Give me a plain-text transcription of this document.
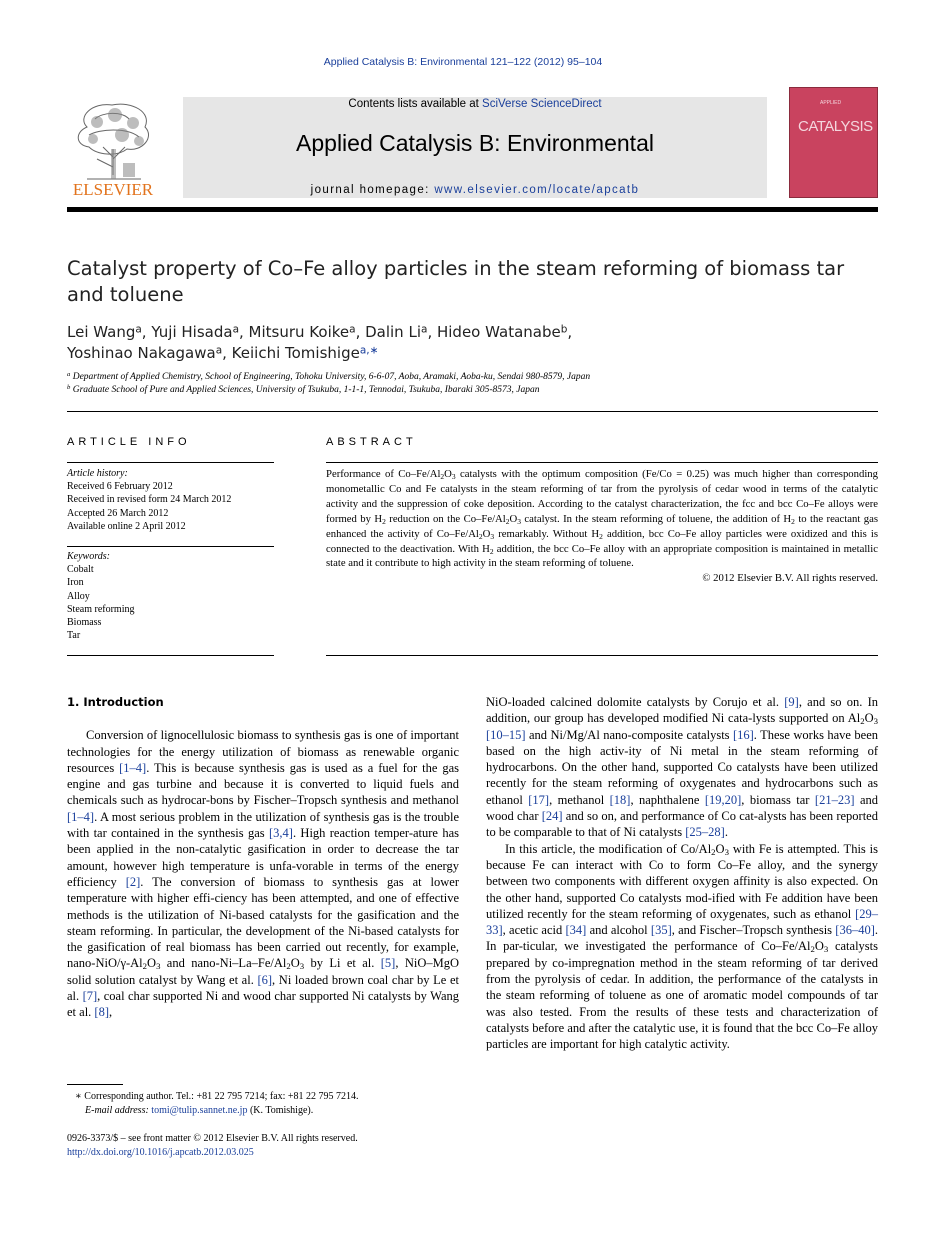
Applied Catalysis B: Environmental 121–122 (2012) 95–104
ELSEVIER
Contents lists available at SciVerse ScienceDirect
Applied Catalysis B: Environmental
journal homepage: www.elsevier.com/locate/apcatb
APPLIED
CATALYSIS
Catalyst property of Co–Fe alloy particles in the steam reforming of biomass tar and toluene
Lei Wang$^a$, Yuji Hisada$^a$, Mitsuru Koike$^a$, Dalin Li$^a$, Hideo Watanabe$^b$,
Yoshinao Nakagawa$^a$, Keiichi Tomishige$^{a,∗}$
$^a$ Department of Applied Chemistry, School of Engineering, Tohoku University, 6-6-07, Aoba, Aramaki, Aoba-ku, Sendai 980-8579, Japan
$^b$ Graduate School of Pure and Applied Sciences, University of Tsukuba, 1-1-1, Tennodai, Tsukuba, Ibaraki 305-8573, Japan
ARTICLE INFO	ABSTRACT
Article history:
Received 6 February 2012
Received in revised form 24 March 2012
Accepted 26 March 2012
Available online 2 April 2012
Keywords:
Cobalt
Iron
Alloy
Steam reforming
Biomass
Tar
Performance of $Co-Fe/Al_2O_3$ catalysts with the optimum composition (Fe/Co = 0.25) was much higher than corresponding monometallic Co and Fe catalysts in the steam reforming of tar from the pyrolysis of cedar wood in terms of the catalytic activity and the suppression of coke deposition. According to the catalyst characterization, the fcc and bcc Co–Fe alloys were formed by $H_2$ reduction on the $Co-Fe/Al_2O_3$ catalyst. In the steam reforming of toluene, the addition of $H_2$ to the reactant gas enhanced the activity of $Co-Fe/Al_2O_3$ remarkably. Without $H_2$ addition, bcc Co–Fe alloy particles were oxidized and this is connected to the deactivation. With $H_2$ addition, the bcc Co–Fe alloy with an appropriate composition is maintained in metallic state and it contribute to high activity in the steam reforming of toluene.
© 2012 Elsevier B.V. All rights reserved.
1. Introduction

Conversion of lignocellulosic biomass to synthesis gas is one of important technologies for the energy utilization of biomass as renewable organic resources [1–4]. This is because synthesis gas is used as a fuel for the gas engine and gas turbine and because it is converted to liquid fuels and chemicals such as hydrocar-bons by Fischer–Tropsch synthesis and methanol [1–4]. A most serious problem in the utilization of synthesis gas is the trouble with tar contained in the synthesis gas [3,4]. High reaction temper-ature has been applied in the non-catalytic gasification in order to decrease the tar amount, however high temperature is unfa-vorable in terms of the energy efficiency [2]. The conversion of biomass to synthesis gas at lower temperature with higher effi-ciency has been attempted, and one of effective methods is the utilization of Ni-based catalysts for the gasification and the steam reforming. In particular, the development of the Ni-based catalysts for the gasification of real biomass has been carried out recently, for example, nano-$NiO/\gamma-Al_2O_3$ and nano-$Ni-La-Fe/Al_2O_3$ by Li et al. [5], NiO–MgO solid solution catalyst by Wang et al. [6], Ni loaded brown coal char by Le et al. [7], coal char supported Ni and wood char supported Ni catalysts by Wang et al. [8],

NiO-loaded calcined dolomite catalysts by Corujo et al. [9], and so on. In addition, our group has developed modified Ni cata-lysts supported on $Al_2O_3$ [10–15] and Ni/Mg/Al nano-composite catalysts [16]. These works have been based on the high activ-ity of Ni metal in the steam reforming of hydrocarbons. On the other hand, supported Co catalysts have been utilized recently for the steam reforming of oxygenates and hydrocarbons such as ethanol [17], methanol [18], naphthalene [19,20], biomass tar [21–23] and wood char [24] and so on, and performance of Co cat-alysts has been reported to be comparable to that of Ni catalysts [25–28].

In this article, the modification of $Co/Al_2O_3$ with Fe is attempted. This is because Fe can interact with Co to form Co–Fe alloy, and the synergy between two components with different oxygen affinity is also expected. On the other hand, supported Co catalysts mod-ified with Fe addition have been utilized recently for the steam reforming of oxygenates, such as ethanol [29–33], acetic acid [34] and alcohol [35], and Fischer–Tropsch synthesis [36–40]. In par-ticular, we investigated the performance of $Co-Fe/Al_2O_3$ catalysts prepared by co-impregnation method in the steam reforming of tar derived from the pyrolysis of cedar. In addition, the performance of the catalysts in the steam reforming of toluene as one of aromatic model compounds of tar was also tested. From the results of these tests and characterization of catalysts before and after the catalytic use, it is found that the bcc Co–Fe alloy particles are important for high catalytic activity.

∗ Corresponding author. Tel.: +81 22 795 7214; fax: +81 22 795 7214.
E-mail address: tomi@tulip.sannet.ne.jp (K. Tomishige).
0926-3373/$ – see front matter © 2012 Elsevier B.V. All rights reserved.
http://dx.doi.org/10.1016/j.apcatb.2012.03.025
